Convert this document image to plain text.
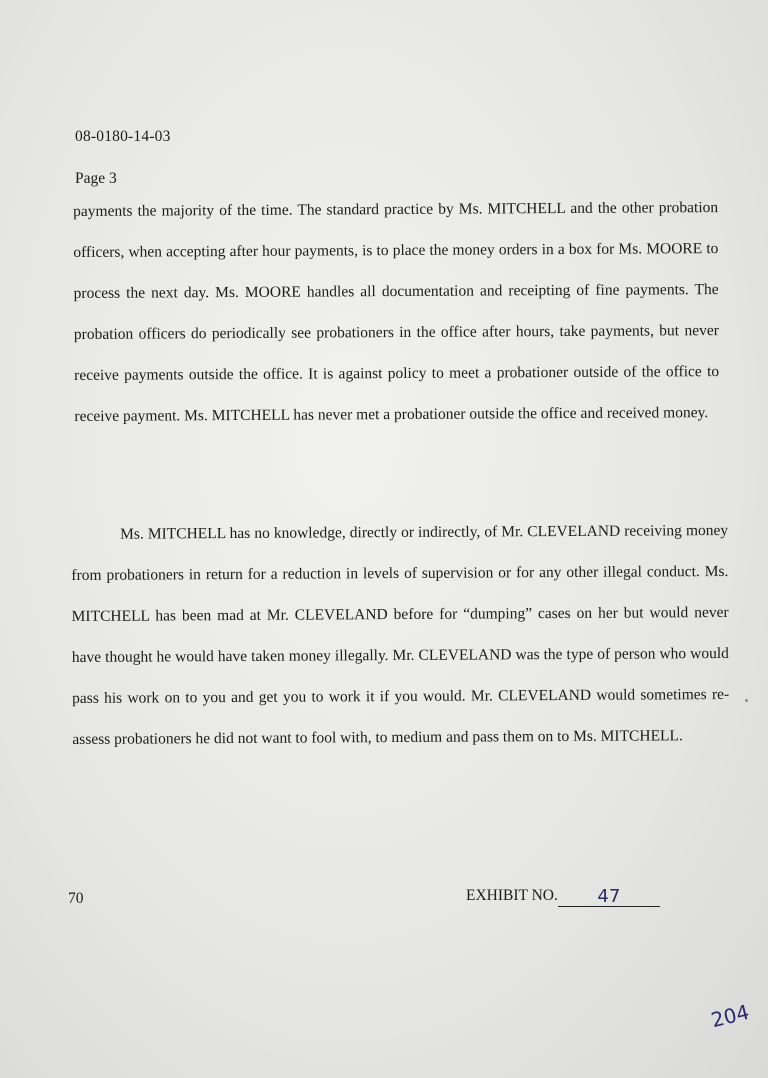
08-0180-14-03
Page 3
payments the majority of the time. The standard practice by Ms. MITCHELL and the other probation officers, when accepting after hour payments, is to place the money orders in a box for Ms. MOORE to process the next day. Ms. MOORE handles all documentation and receipting of fine payments. The probation officers do periodically see probationers in the office after hours, take payments, but never receive payments outside the office. It is against policy to meet a probationer outside of the office to receive payment. Ms. MITCHELL has never met a probationer outside the office and received money.
Ms. MITCHELL has no knowledge, directly or indirectly, of Mr. CLEVELAND receiving money from probationers in return for a reduction in levels of supervision or for any other illegal conduct. Ms. MITCHELL has been mad at Mr. CLEVELAND before for “dumping” cases on her but would never have thought he would have taken money illegally. Mr. CLEVELAND was the type of person who would pass his work on to you and get you to work it if you would. Mr. CLEVELAND would sometimes re-assess probationers he did not want to fool with, to medium and pass them on to Ms. MITCHELL.
70	EXHIBIT NO. 47
204
